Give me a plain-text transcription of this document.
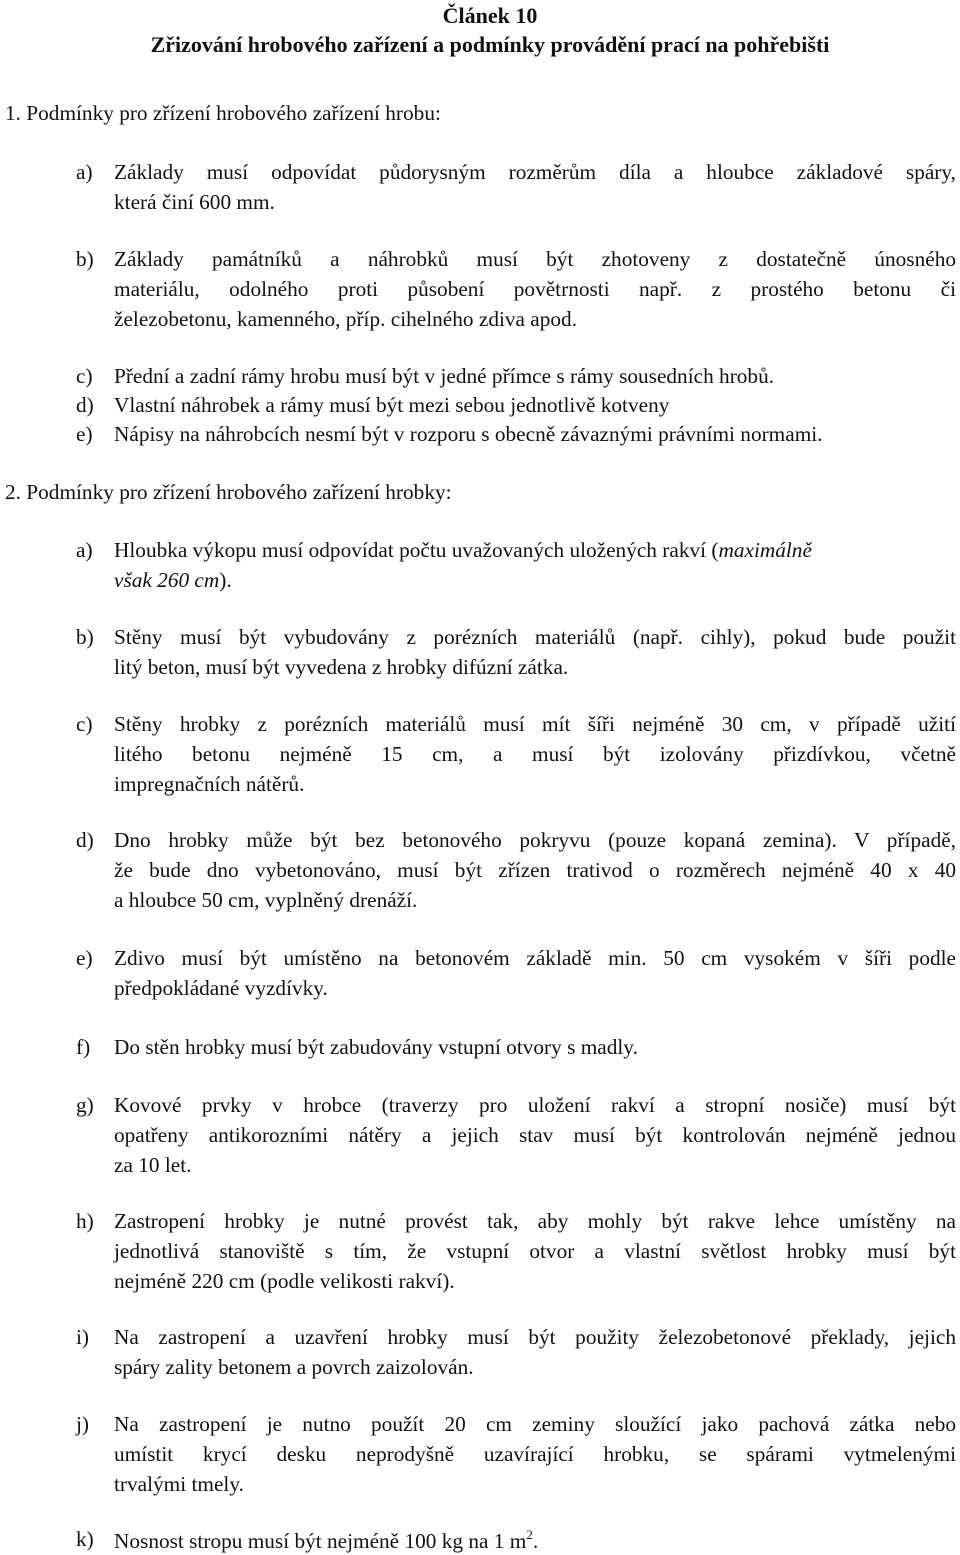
Článek 10
Zřizování hrobového zařízení a podmínky provádění prací na pohřebišti
1. Podmínky pro zřízení hrobového zařízení hrobu:
a) Základy musí odpovídat půdorysným rozměrům díla a hloubce základové spáry,
která činí 600 mm.
b) Základy památníků a náhrobků musí být zhotoveny z dostatečně únosného
materiálu, odolného proti působení povětrnosti např. z prostého betonu či
železobetonu, kamenného, příp. cihelného zdiva apod.
c) Přední a zadní rámy hrobu musí být v jedné přímce s rámy sousedních hrobů.
d) Vlastní náhrobek a rámy musí být mezi sebou jednotlivě kotveny
e) Nápisy na náhrobcích nesmí být v rozporu s obecně závaznými právními normami.
2. Podmínky pro zřízení hrobového zařízení hrobky:
a) Hloubka výkopu musí odpovídat počtu uvažovaných uložených rakví (maximálně
však 260 cm).
b) Stěny musí být vybudovány z porézních materiálů (např. cihly), pokud bude použit
litý beton, musí být vyvedena z hrobky difúzní zátka.
c) Stěny hrobky z porézních materiálů musí mít šíři nejméně 30 cm, v případě užití
litého betonu nejméně 15 cm, a musí být izolovány přizdívkou, včetně
impregnačních nátěrů.
d) Dno hrobky může být bez betonového pokryvu (pouze kopaná zemina). V případě,
že bude dno vybetonováno, musí být zřízen trativod o rozměrech nejméně 40 x 40
a hloubce 50 cm, vyplněný drenáží.
e) Zdivo musí být umístěno na betonovém základě min. 50 cm vysokém v šíři podle
předpokládané vyzdívky.
f) Do stěn hrobky musí být zabudovány vstupní otvory s madly.
g) Kovové prvky v hrobce (traverzy pro uložení rakví a stropní nosiče) musí být
opatřeny antikorozními nátěry a jejich stav musí být kontrolován nejméně jednou
za 10 let.
h) Zastropení hrobky je nutné provést tak, aby mohly být rakve lehce umístěny na
jednotlivá stanoviště s tím, že vstupní otvor a vlastní světlost hrobky musí být
nejméně 220 cm (podle velikosti rakví).
i) Na zastropení a uzavření hrobky musí být použity železobetonové překlady, jejich
spáry zality betonem a povrch zaizolován.
j) Na zastropení je nutno použít 20 cm zeminy sloužící jako pachová zátka nebo
umístit krycí desku neprodyšně uzavírající hrobku, se spárami vytmelenými
trvalými tmely.
k) Nosnost stropu musí být nejméně 100 kg na 1 $m^2$.
